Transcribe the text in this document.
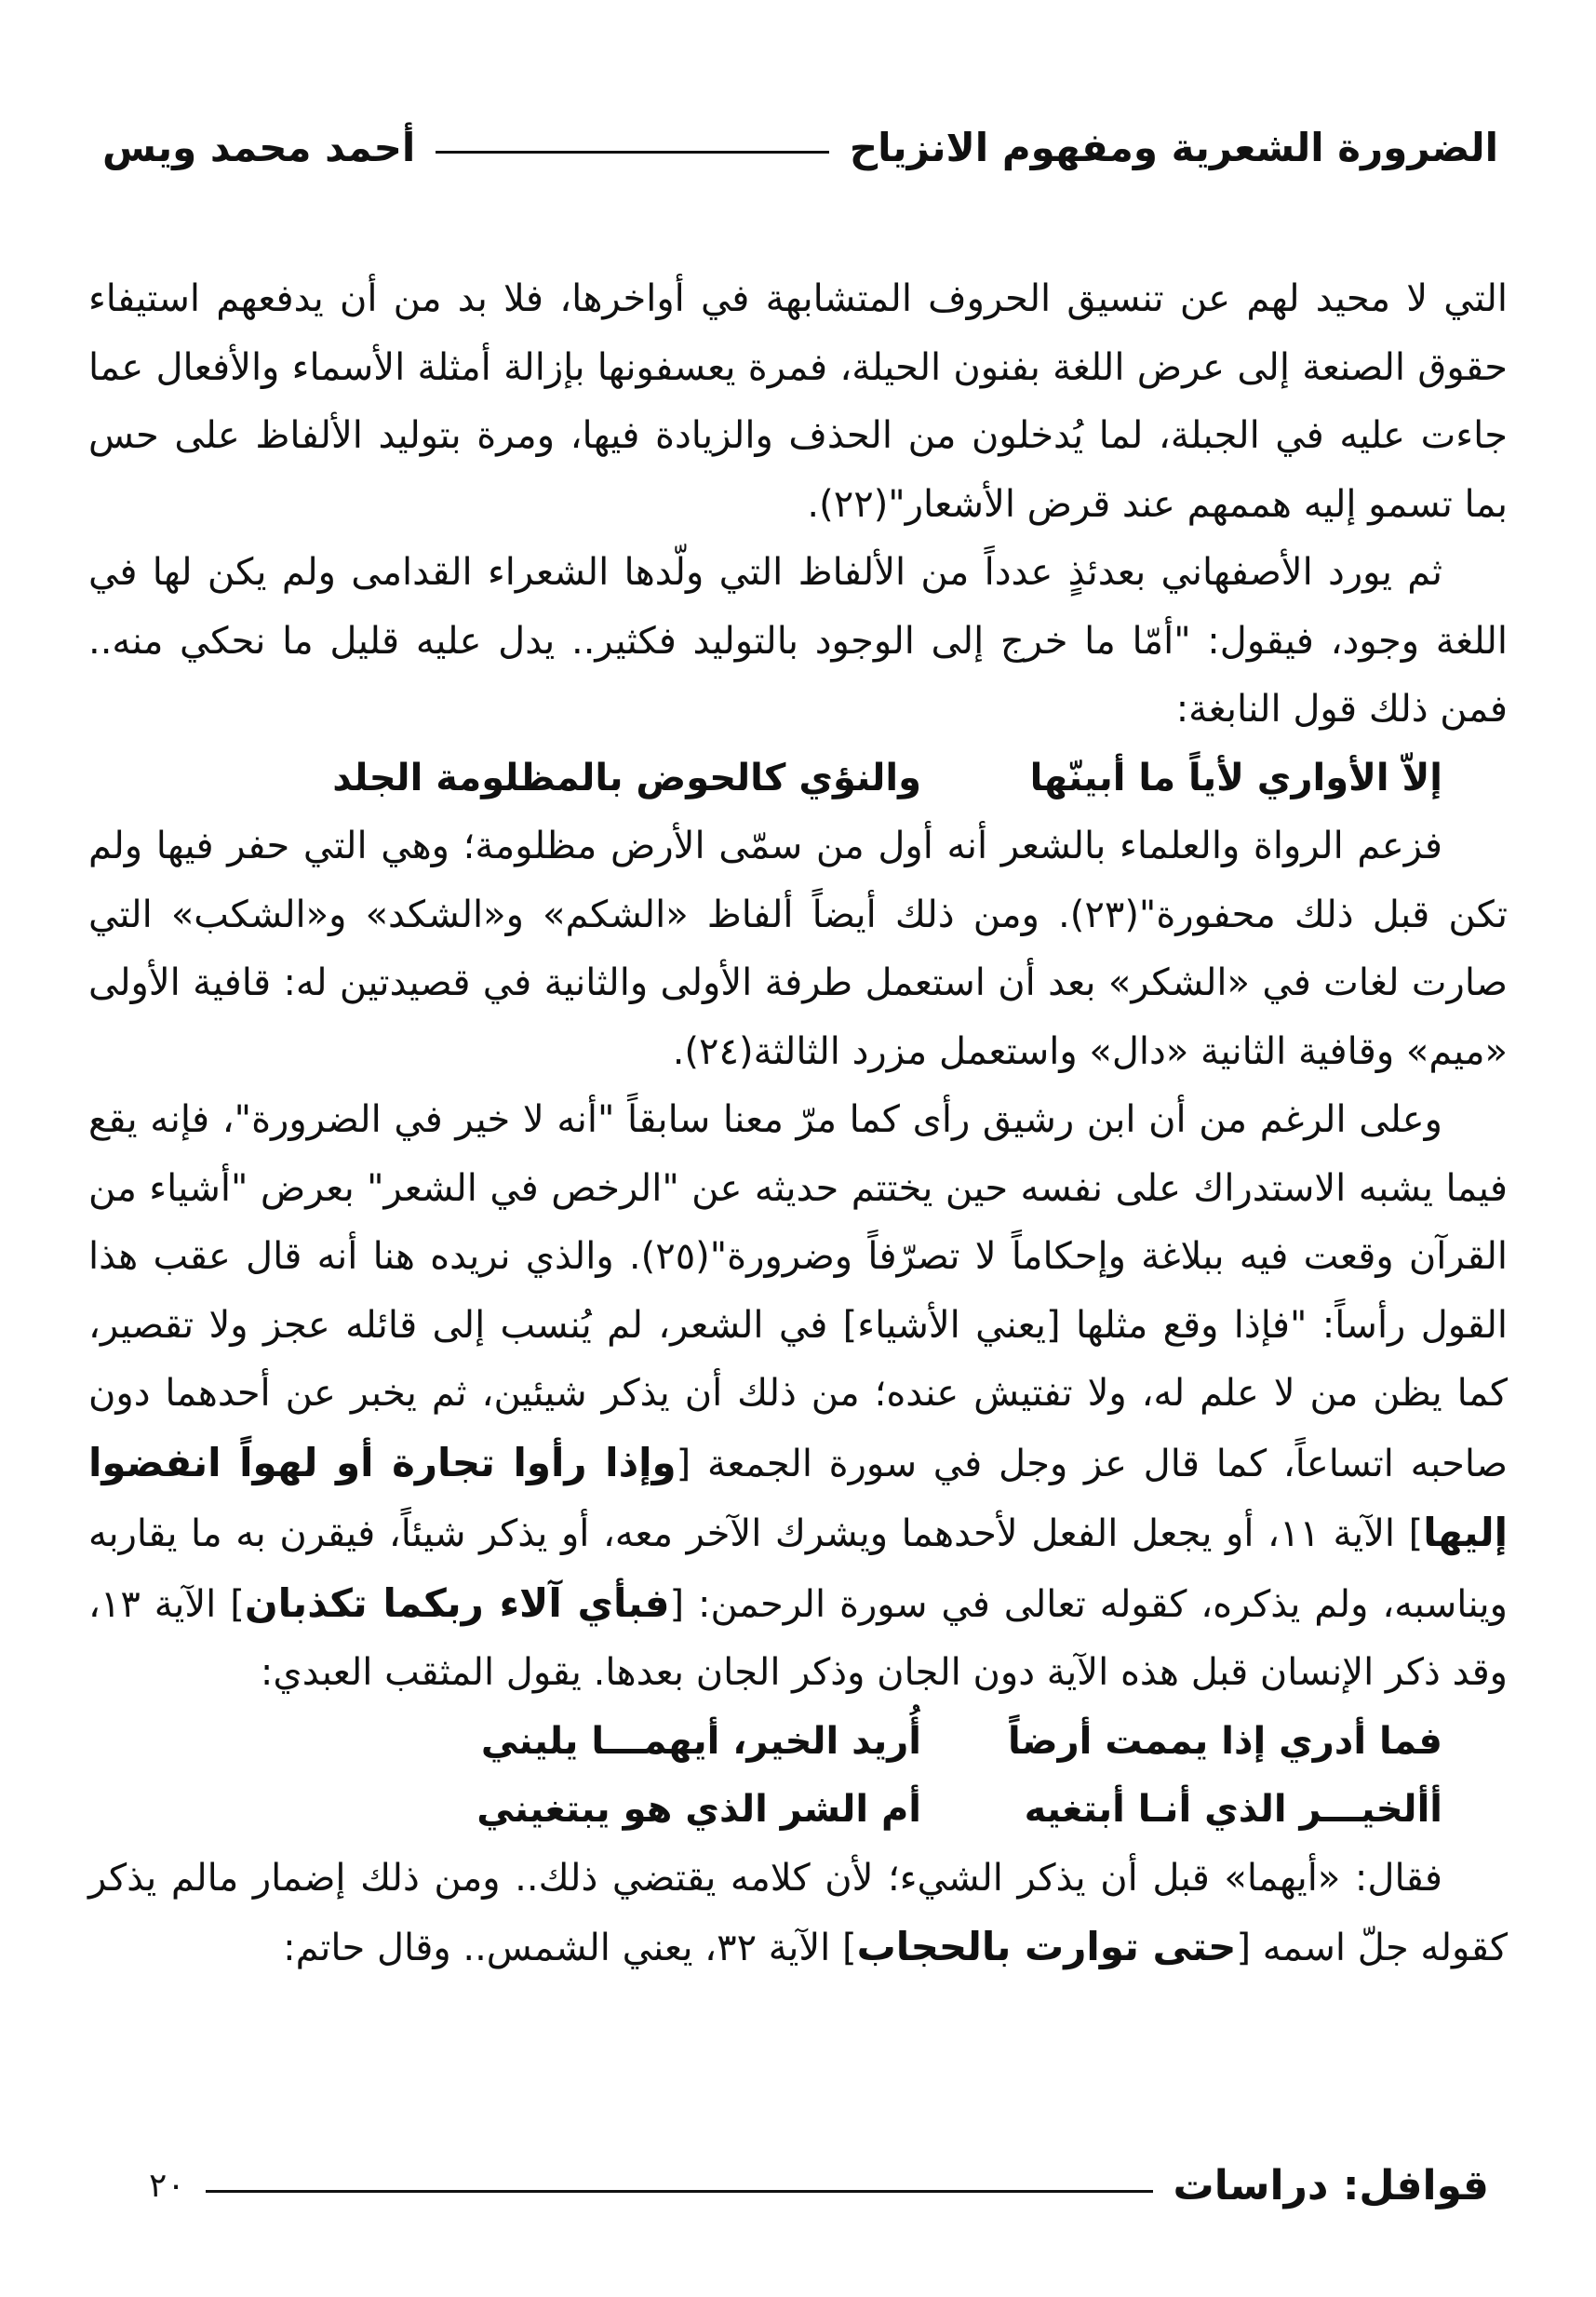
الضرورة الشعرية ومفهوم الانزياح
أحمد محمد ويس

التي لا محيد لهم عن تنسيق الحروف المتشابهة في أواخرها، فلا بد من أن يدفعهم استيفاء حقوق الصنعة إلى عرض اللغة بفنون الحيلة، فمرة يعسفونها بإزالة أمثلة الأسماء والأفعال عما جاءت عليه في الجبلة، لما يُدخلون من الحذف والزيادة فيها، ومرة بتوليد الألفاظ على حس بما تسمو إليه هممهم عند قرض الأشعار"(٢٢).

ثم يورد الأصفهاني بعدئذٍ عدداً من الألفاظ التي ولّدها الشعراء القدامى ولم يكن لها في اللغة وجود، فيقول: "أمّا ما خرج إلى الوجود بالتوليد فكثير.. يدل عليه قليل ما نحكي منه.. فمن ذلك قول النابغة:

إلاّ الأواري لأياً ما أبينّها
والنؤي كالحوض بالمظلومة الجلد

فزعم الرواة والعلماء بالشعر أنه أول من سمّى الأرض مظلومة؛ وهي التي حفر فيها ولم تكن قبل ذلك محفورة"(٢٣). ومن ذلك أيضاً ألفاظ «الشكم» و«الشكد» و«الشكب» التي صارت لغات في «الشكر» بعد أن استعمل طرفة الأولى والثانية في قصيدتين له: قافية الأولى «ميم» وقافية الثانية «دال» واستعمل مزرد الثالثة(٢٤).

وعلى الرغم من أن ابن رشيق رأى كما مرّ معنا سابقاً "أنه لا خير في الضرورة"، فإنه يقع فيما يشبه الاستدراك على نفسه حين يختتم حديثه عن "الرخص في الشعر" بعرض "أشياء من القرآن وقعت فيه ببلاغة وإحكاماً لا تصرّفاً وضرورة"(٢٥). والذي نريده هنا أنه قال عقب هذا القول رأساً: "فإذا وقع مثلها [يعني الأشياء] في الشعر، لم يُنسب إلى قائله عجز ولا تقصير، كما يظن من لا علم له، ولا تفتيش عنده؛ من ذلك أن يذكر شيئين، ثم يخبر عن أحدهما دون صاحبه اتساعاً، كما قال عز وجل في سورة الجمعة [وإذا رأوا تجارة أو لهواً انفضوا إليها] الآية ١١، أو يجعل الفعل لأحدهما ويشرك الآخر معه، أو يذكر شيئاً، فيقرن به ما يقاربه ويناسبه، ولم يذكره، كقوله تعالى في سورة الرحمن: [فبأي آلاء ربكما تكذبان] الآية ١٣، وقد ذكر الإنسان قبل هذه الآية دون الجان وذكر الجان بعدها. يقول المثقب العبدي:

فما أدري إذا يممت أرضاً
أُريد الخير، أيهمـــا يليني
أألخيـــر الذي أنـا أبتغيه
أم الشر الذي هو يبتغيني

فقال: «أيهما» قبل أن يذكر الشيء؛ لأن كلامه يقتضي ذلك.. ومن ذلك إضمار مالم يذكر كقوله جلّ اسمه [حتى توارت بالحجاب] الآية ٣٢، يعني الشمس.. وقال حاتم:

قوافل: دراسات
٢٠
